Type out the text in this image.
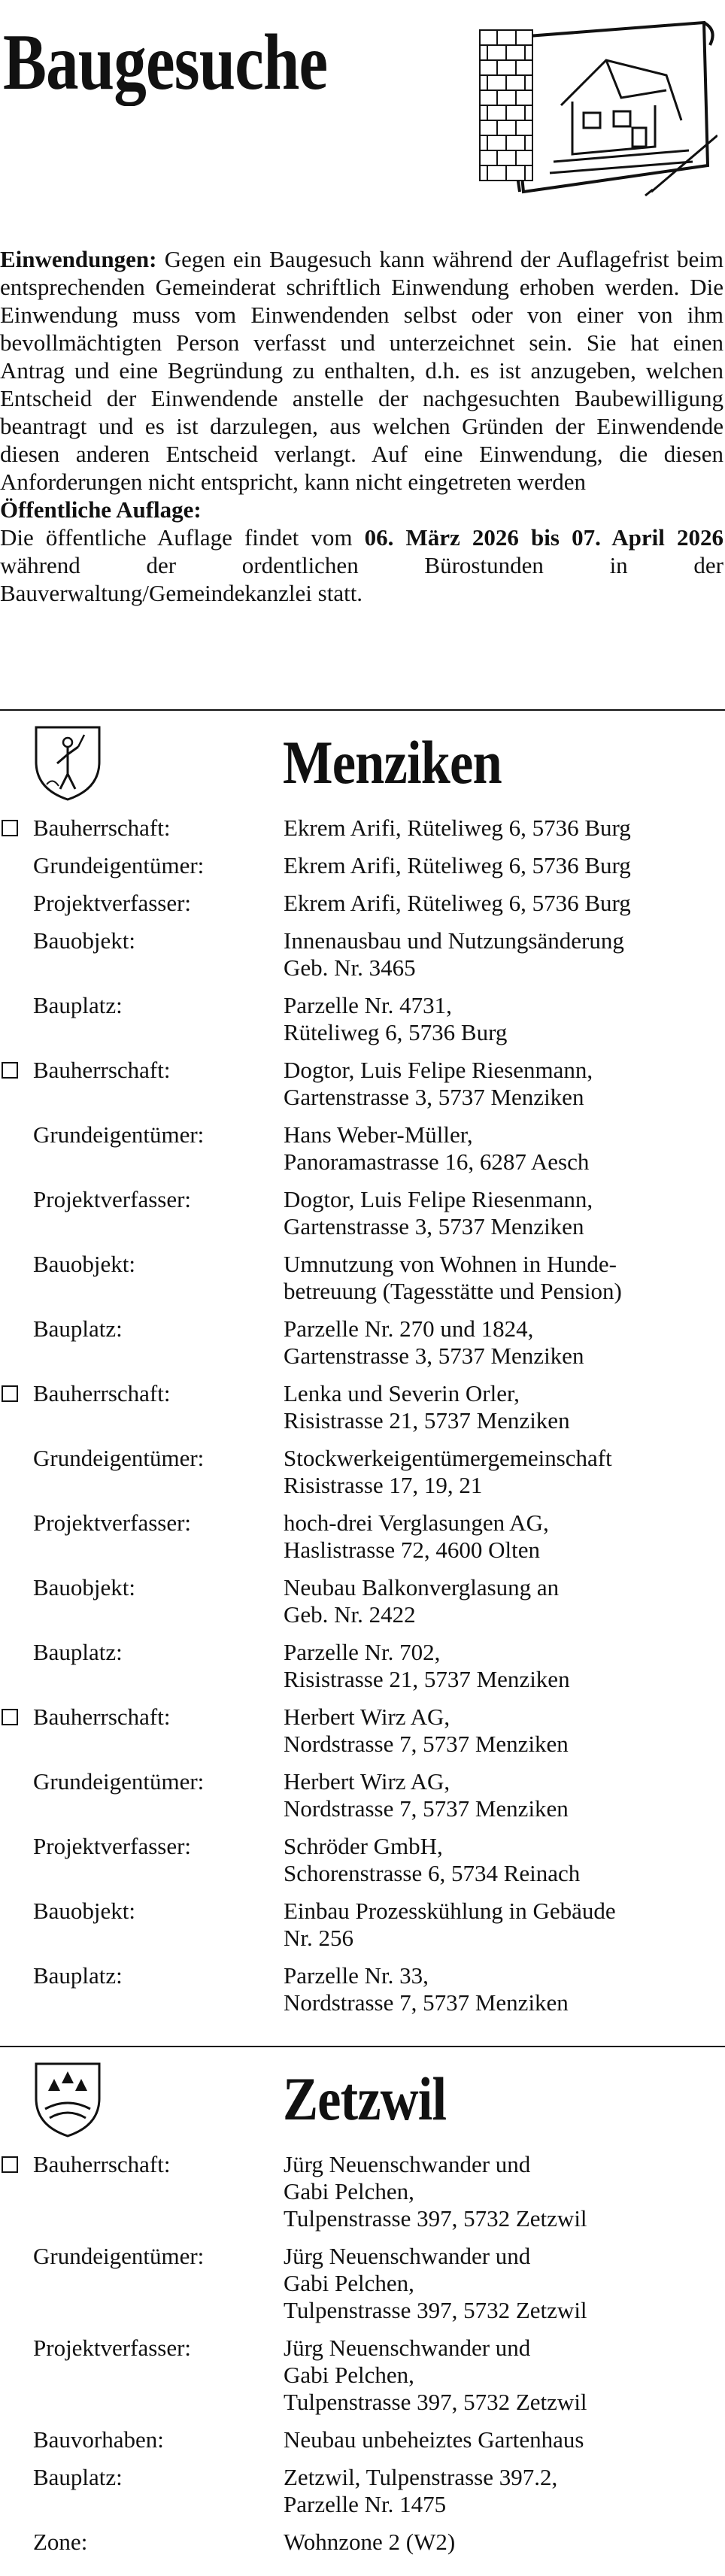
Baugesuche

Einwendungen: Gegen ein Baugesuch kann während der Auflagefrist beim entsprechenden Gemeinderat schriftlich Einwendung erhoben werden. Die Einwendung muss vom Einwendenden selbst oder von einer von ihm bevollmächtigten Person verfasst und unterzeichnet sein. Sie hat einen Antrag und eine Begründung zu enthalten, d.h. es ist anzugeben, welchen Entscheid der Einwendende anstelle der nachgesuchten Baubewilligung beantragt und es ist darzulegen, aus welchen Gründen der Einwendende diesen anderen Entscheid verlangt. Auf eine Einwendung, die diesen Anforderungen nicht entspricht, kann nicht eingetreten werden

Öffentliche Auflage:

Die öffentliche Auflage findet vom 06. März 2026 bis 07. April 2026 während der ordentlichen Bürostunden in der Bauverwaltung/Gemeindekanzlei statt.

Menziken
Bauherrschaft:	Ekrem Arifi, Rüteliweg 6, 5736 Burg
Grundeigentümer:	Ekrem Arifi, Rüteliweg 6, 5736 Burg
Projektverfasser:	Ekrem Arifi, Rüteliweg 6, 5736 Burg
Bauobjekt:	Innenausbau und Nutzungsänderung
Geb. Nr. 3465
Bauplatz:	Parzelle Nr. 4731,
Rüteliweg 6, 5736 Burg
Bauherrschaft:	Dogtor, Luis Felipe Riesenmann,
Gartenstrasse 3, 5737 Menziken
Grundeigentümer:	Hans Weber-Müller,
Panoramastrasse 16, 6287 Aesch
Projektverfasser:	Dogtor, Luis Felipe Riesenmann,
Gartenstrasse 3, 5737 Menziken
Bauobjekt:	Umnutzung von Wohnen in Hunde-
betreuung (Tagesstätte und Pension)
Bauplatz:	Parzelle Nr. 270 und 1824,
Gartenstrasse 3, 5737 Menziken
Bauherrschaft:	Lenka und Severin Orler,
Risistrasse 21, 5737 Menziken
Grundeigentümer:	Stockwerkeigentümergemeinschaft
Risistrasse 17, 19, 21
Projektverfasser:	hoch-drei Verglasungen AG,
Haslistrasse 72, 4600 Olten
Bauobjekt:	Neubau Balkonverglasung an
Geb. Nr. 2422
Bauplatz:	Parzelle Nr. 702,
Risistrasse 21, 5737 Menziken
Bauherrschaft:	Herbert Wirz AG,
Nordstrasse 7, 5737 Menziken
Grundeigentümer:	Herbert Wirz AG,
Nordstrasse 7, 5737 Menziken
Projektverfasser:	Schröder GmbH,
Schorenstrasse 6, 5734 Reinach
Bauobjekt:	Einbau Prozesskühlung in Gebäude
Nr. 256
Bauplatz:	Parzelle Nr. 33,
Nordstrasse 7, 5737 Menziken
Zetzwil
Bauherrschaft:	Jürg Neuenschwander und
Gabi Pelchen,
Tulpenstrasse 397, 5732 Zetzwil
Grundeigentümer:	Jürg Neuenschwander und
Gabi Pelchen,
Tulpenstrasse 397, 5732 Zetzwil
Projektverfasser:	Jürg Neuenschwander und
Gabi Pelchen,
Tulpenstrasse 397, 5732 Zetzwil
Bauvorhaben:	Neubau unbeheiztes Gartenhaus
Bauplatz:	Zetzwil, Tulpenstrasse 397.2,
Parzelle Nr. 1475
Zone:	Wohnzone 2 (W2)
